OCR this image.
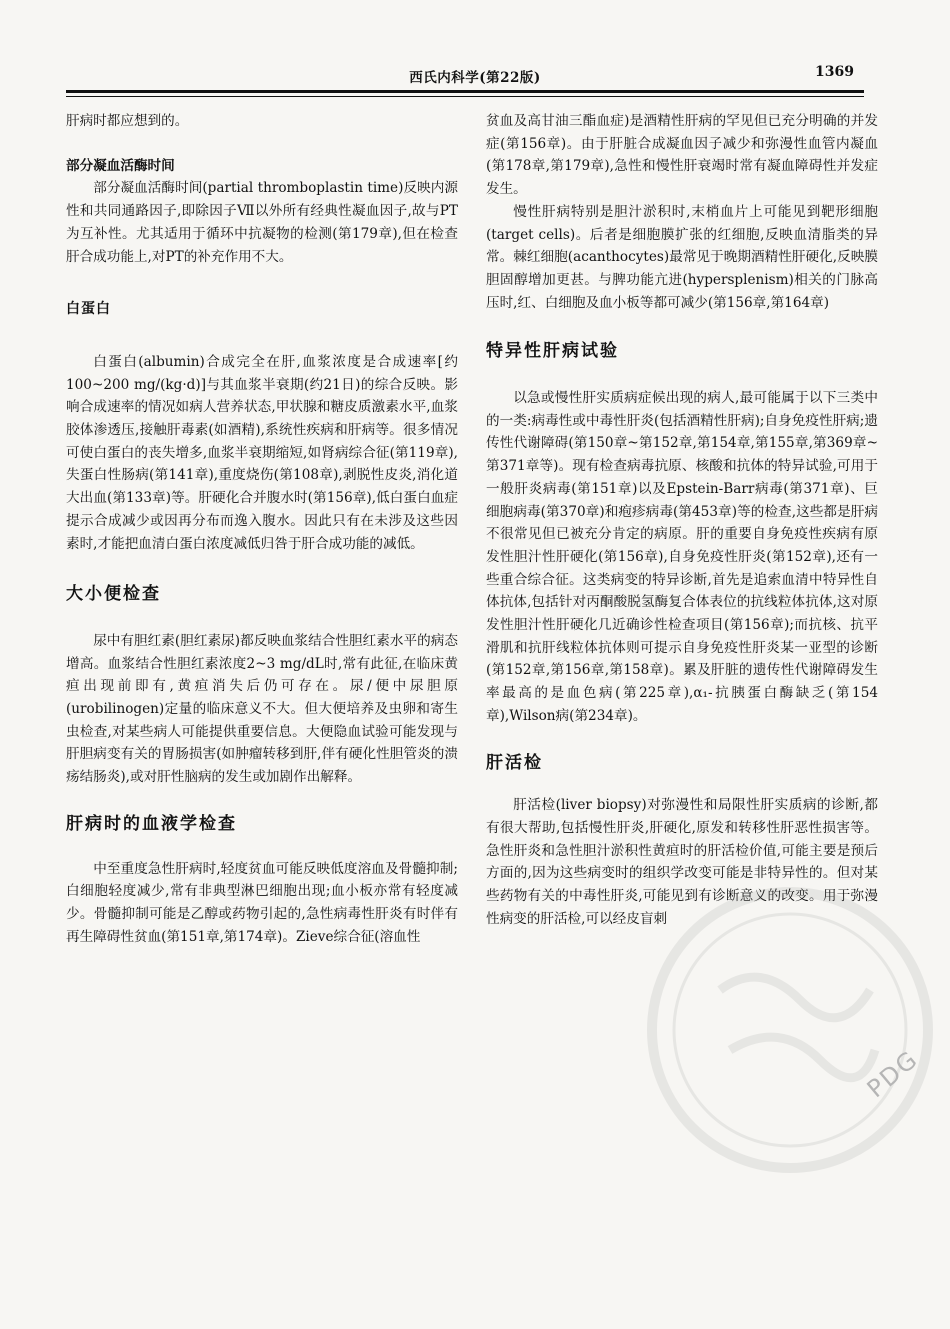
西氏内科学(第22版)	1369

肝病时都应想到的。

部分凝血活酶时间

部分凝血活酶时间(partial thromboplastin time)反映内源性和共同通路因子,即除因子Ⅶ以外所有经典性凝血因子,故与PT为互补性。尤其适用于循环中抗凝物的检测(第179章),但在检查肝合成功能上,对PT的补充作用不大。

白蛋白

白蛋白(albumin)合成完全在肝,血浆浓度是合成速率[约100~200 mg/(kg·d)]与其血浆半衰期(约21日)的综合反映。影响合成速率的情况如病人营养状态,甲状腺和糖皮质激素水平,血浆胶体渗透压,接触肝毒素(如酒精),系统性疾病和肝病等。很多情况可使白蛋白的丧失增多,血浆半衰期缩短,如肾病综合征(第119章),失蛋白性肠病(第141章),重度烧伤(第108章),剥脱性皮炎,消化道大出血(第133章)等。肝硬化合并腹水时(第156章),低白蛋白血症提示合成减少或因再分布而逸入腹水。因此只有在未涉及这些因素时,才能把血清白蛋白浓度减低归咎于肝合成功能的减低。

大小便检查

尿中有胆红素(胆红素尿)都反映血浆结合性胆红素水平的病态增高。血浆结合性胆红素浓度2~3 mg/dL时,常有此征,在临床黄疸出现前即有,黄疸消失后仍可存在。尿/便中尿胆原(urobilinogen)定量的临床意义不大。但大便培养及虫卵和寄生虫检查,对某些病人可能提供重要信息。大便隐血试验可能发现与肝胆病变有关的胃肠损害(如肿瘤转移到肝,伴有硬化性胆管炎的溃疡结肠炎),或对肝性脑病的发生或加剧作出解释。

肝病时的血液学检查

中至重度急性肝病时,轻度贫血可能反映低度溶血及骨髓抑制;白细胞轻度减少,常有非典型淋巴细胞出现;血小板亦常有轻度减少。骨髓抑制可能是乙醇或药物引起的,急性病毒性肝炎有时伴有再生障碍性贫血(第151章,第174章)。Zieve综合征(溶血性

贫血及高甘油三酯血症)是酒精性肝病的罕见但已充分明确的并发症(第156章)。由于肝脏合成凝血因子减少和弥漫性血管内凝血(第178章,第179章),急性和慢性肝衰竭时常有凝血障碍性并发症发生。

慢性肝病特别是胆汁淤积时,末梢血片上可能见到靶形细胞(target cells)。后者是细胞膜扩张的红细胞,反映血清脂类的异常。棘红细胞(acanthocytes)最常见于晚期酒精性肝硬化,反映膜胆固醇增加更甚。与脾功能亢进(hypersplenism)相关的门脉高压时,红、白细胞及血小板等都可减少(第156章,第164章)

特异性肝病试验

以急或慢性肝实质病症候出现的病人,最可能属于以下三类中的一类:病毒性或中毒性肝炎(包括酒精性肝病);自身免疫性肝病;遗传性代谢障碍(第150章~第152章,第154章,第155章,第369章~第371章等)。现有检查病毒抗原、核酸和抗体的特异试验,可用于一般肝炎病毒(第151章)以及Epstein-Barr病毒(第371章)、巨细胞病毒(第370章)和疱疹病毒(第453章)等的检查,这些都是肝病不很常见但已被充分肯定的病原。肝的重要自身免疫性疾病有原发性胆汁性肝硬化(第156章),自身免疫性肝炎(第152章),还有一些重合综合征。这类病变的特异诊断,首先是追索血清中特异性自体抗体,包括针对丙酮酸脱氢酶复合体表位的抗线粒体抗体,这对原发性胆汁性肝硬化几近确诊性检查项目(第156章);而抗核、抗平滑肌和抗肝线粒体抗体则可提示自身免疫性肝炎某一亚型的诊断(第152章,第156章,第158章)。累及肝脏的遗传性代谢障碍发生率最高的是血色病(第225章),α₁-抗胰蛋白酶缺乏(第154章),Wilson病(第234章)。

肝活检

肝活检(liver biopsy)对弥漫性和局限性肝实质病的诊断,都有很大帮助,包括慢性肝炎,肝硬化,原发和转移性肝恶性损害等。急性肝炎和急性胆汁淤积性黄疸时的肝活检价值,可能主要是预后方面的,因为这些病变时的组织学改变可能是非特异性的。但对某些药物有关的中毒性肝炎,可能见到有诊断意义的改变。用于弥漫性病变的肝活检,可以经皮盲刺

PDG
